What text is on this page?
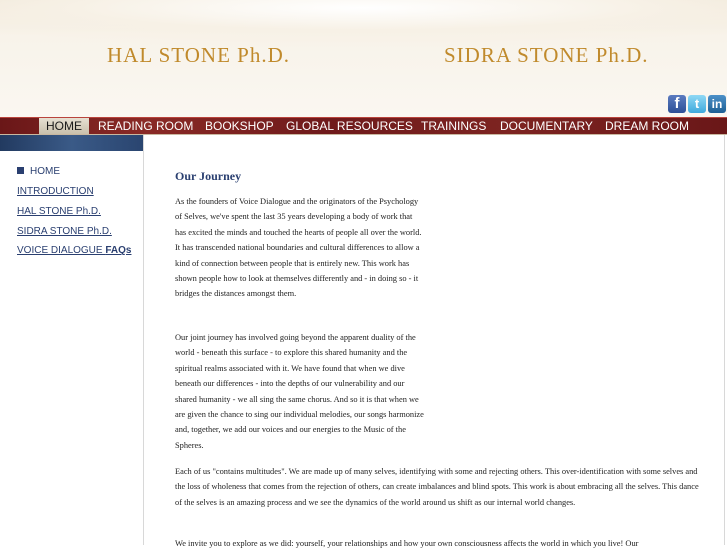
HAL STONE Ph.D.	SIDRA STONE Ph.D.
f	t	in
HOME	READING ROOM BOOKSHOP GLOBAL RESOURCES TRAININGS DOCUMENTARY DREAM ROOM
HOME
INTRODUCTION
HAL STONE Ph.D.
SIDRA STONE Ph.D.
VOICE DIALOGUE FAQs
Our Journey
As the founders of Voice Dialogue and the originators of the Psychology of Selves, we've spent the last 35 years developing a body of work that has excited the minds and touched the hearts of people all over the world. It has transcended national boundaries and cultural differences to allow a kind of connection between people that is entirely new. This work has shown people how to look at themselves differently and - in doing so - it bridges the distances amongst them.
Our joint journey has involved going beyond the apparent duality of the world - beneath this surface - to explore this shared humanity and the spiritual realms associated with it. We have found that when we dive beneath our differences - into the depths of our vulnerability and our shared humanity - we all sing the same chorus. And so it is that when we are given the chance to sing our individual melodies, our songs harmonize and, together, we add our voices and our energies to the Music of the Spheres.
Each of us "contains multitudes". We are made up of many selves, identifying with some and rejecting others. This over-identification with some selves and the loss of wholeness that comes from the rejection of others, can create imbalances and blind spots. This work is about embracing all the selves. This dance of the selves is an amazing process and we see the dynamics of the world around us shift as our internal world changes.
We invite you to explore as we did: yourself, your relationships and how your own consciousness affects the world in which you live! Our
